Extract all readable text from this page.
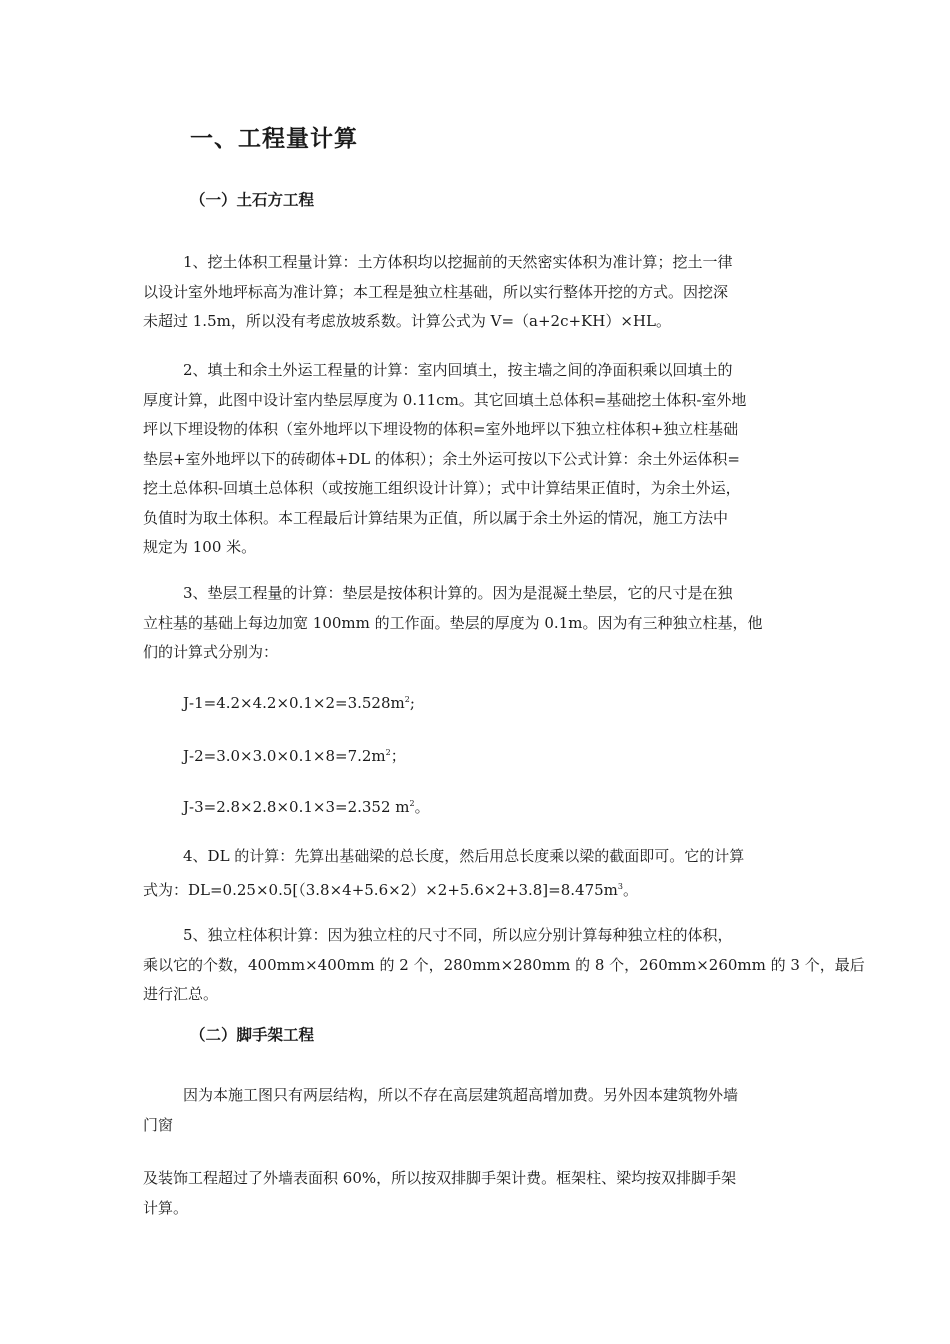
一、工程量计算
（一）土石方工程
1、挖土体积工程量计算：土方体积均以挖掘前的天然密实体积为准计算；挖土一律
以设计室外地坪标高为准计算；本工程是独立柱基础，所以实行整体开挖的方式。因挖深
未超过 1.5m，所以没有考虑放坡系数。计算公式为 V=（a+2c+KH）×HL。
2、填土和余土外运工程量的计算：室内回填土，按主墙之间的净面积乘以回填土的
厚度计算，此图中设计室内垫层厚度为 0.11cm。其它回填土总体积=基础挖土体积-室外地
坪以下埋设物的体积（室外地坪以下埋设物的体积=室外地坪以下独立柱体积+独立柱基础
垫层+室外地坪以下的砖砌体+DL 的体积）；余土外运可按以下公式计算：余土外运体积=
挖土总体积-回填土总体积（或按施工组织设计计算）；式中计算结果正值时，为余土外运，
负值时为取土体积。本工程最后计算结果为正值，所以属于余土外运的情况，施工方法中
规定为 100 米。
3、垫层工程量的计算：垫层是按体积计算的。因为是混凝土垫层，它的尺寸是在独
立柱基的基础上每边加宽 100mm 的工作面。垫层的厚度为 0.1m。因为有三种独立柱基，他
们的计算式分别为：
$J-1=4.2\times 4.2\times 0.1\times 2=3.528m^2$;
$J-2=3.0\times 3.0\times 0.1\times 8=7.2m^2$；
J-3=2.8×2.8×0.1×3=2.352 $m^2$。
4、DL 的计算：先算出基础梁的总长度，然后用总长度乘以梁的截面即可。它的计算
式为：$DL=0.25\times 0.5[(3.8\times 4+5.6\times 2)\times 2+5.6\times 2+3.8]=8.475m^3$。
5、独立柱体积计算：因为独立柱的尺寸不同，所以应分别计算每种独立柱的体积，
乘以它的个数，400mm×400mm 的 2 个，280mm×280mm 的 8 个，260mm×260mm 的 3 个，最后
进行汇总。
（二）脚手架工程
因为本施工图只有两层结构，所以不存在高层建筑超高增加费。另外因本建筑物外墙
门窗
及装饰工程超过了外墙表面积 60%，所以按双排脚手架计费。框架柱、梁均按双排脚手架
计算。
